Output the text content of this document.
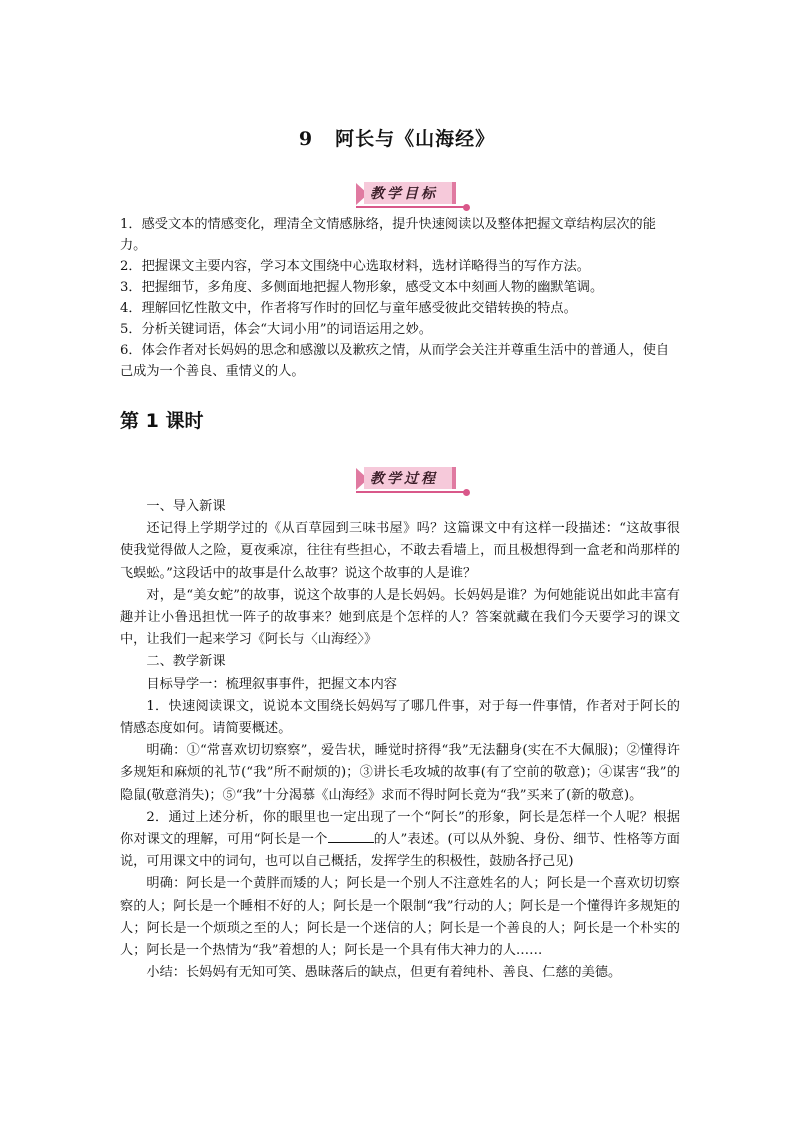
9 阿长与《山海经》
教学目标

1．感受文本的情感变化，理清全文情感脉络，提升快速阅读以及整体把握文章结构层次的能力。

2．把握课文主要内容，学习本文围绕中心选取材料，选材详略得当的写作方法。

3．把握细节，多角度、多侧面地把握人物形象，感受文本中刻画人物的幽默笔调。

4．理解回忆性散文中，作者将写作时的回忆与童年感受彼此交错转换的特点。

5．分析关键词语，体会“大词小用”的词语运用之妙。

6．体会作者对长妈妈的思念和感激以及歉疚之情，从而学会关注并尊重生活中的普通人，使自己成为一个善良、重情义的人。

第 1 课时
教学过程

一、导入新课

还记得上学期学过的《从百草园到三味书屋》吗？这篇课文中有这样一段描述：“这故事很使我觉得做人之险，夏夜乘凉，往往有些担心，不敢去看墙上，而且极想得到一盒老和尚那样的飞蜈蚣。”这段话中的故事是什么故事？说这个故事的人是谁？

对，是“美女蛇”的故事，说这个故事的人是长妈妈。长妈妈是谁？为何她能说出如此丰富有趣并让小鲁迅担忧一阵子的故事来？她到底是个怎样的人？答案就藏在我们今天要学习的课文中，让我们一起来学习《阿长与〈山海经〉》

二、教学新课

目标导学一：梳理叙事事件，把握文本内容

1．快速阅读课文，说说本文围绕长妈妈写了哪几件事，对于每一件事情，作者对于阿长的情感态度如何。请简要概述。

明确：①“常喜欢切切察察”，爱告状，睡觉时挤得“我”无法翻身(实在不大佩服)；②懂得许多规矩和麻烦的礼节(“我”所不耐烦的)；③讲长毛攻城的故事(有了空前的敬意)；④谋害“我”的隐鼠(敬意消失)；⑤“我”十分渴慕《山海经》求而不得时阿长竟为“我”买来了(新的敬意)。

2．通过上述分析，你的眼里也一定出现了一个“阿长”的形象，阿长是怎样一个人呢？根据你对课文的理解，可用“阿长是一个	的人”表述。(可以从外貌、身份、细节、性格等方面说，可用课文中的词句，也可以自己概括，发挥学生的积极性，鼓励各抒己见)

明确：阿长是一个黄胖而矮的人；阿长是一个别人不注意姓名的人；阿长是一个喜欢切切察察的人；阿长是一个睡相不好的人；阿长是一个限制“我”行动的人；阿长是一个懂得许多规矩的人；阿长是一个烦琐之至的人；阿长是一个迷信的人；阿长是一个善良的人；阿长是一个朴实的人；阿长是一个热情为“我”着想的人；阿长是一个具有伟大神力的人……

小结：长妈妈有无知可笑、愚昧落后的缺点，但更有着纯朴、善良、仁慈的美德。
